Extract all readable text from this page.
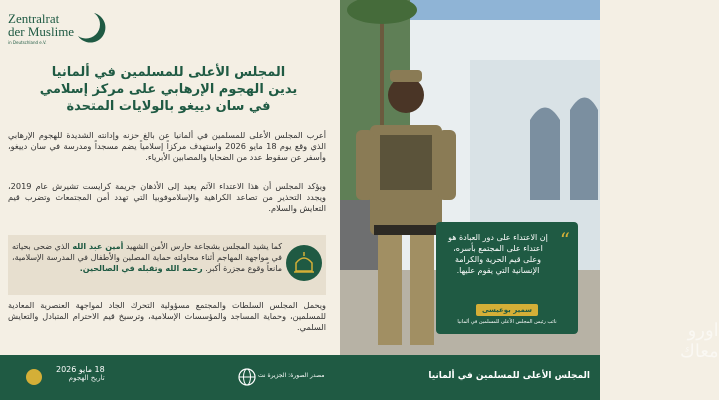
Zentralrat
der Muslime
in Deutschland e.V.
المجلس الأعلى للمسلمين في ألمانيا
يدين الهجوم الإرهابي على مركز إسلامي
في سان دييغو بالولايات المتحدة
أعرب المجلس الأعلى للمسلمين في ألمانيا عن بالغ حزنه وإدانته الشديدة للهجوم الإرهابي الذي وقع يوم 18 مايو 2026 واستهدف مركزاً إسلامياً يضم مسجداً ومدرسة في سان دييغو، وأسفر عن سقوط عدد من الضحايا والمصابين الأبرياء.
ويؤكد المجلس أن هذا الاعتداء الآثم يعيد إلى الأذهان جريمة كرايست تشيرش عام 2019، ويجدد التحذير من تصاعد الكراهية والإسلاموفوبيا التي تهدد أمن المجتمعات وتضرب قيم التعايش والسلام.
كما يشيد المجلس بشجاعة حارس الأمن الشهيد أمين عبد الله الذي ضحى بحياته في مواجهة المهاجم أثناء محاولته حماية المصلين والأطفال في المدرسة الإسلامية، مانعاً وقوع مجزرة أكبر. رحمه الله وتقبله في الصالحين.
ويحمل المجلس السلطات والمجتمع مسؤولية التحرك الجاد لمواجهة العنصرية المعادية للمسلمين، وحماية المساجد والمؤسسات الإسلامية، وترسيخ قيم الاحترام المتبادل والتعايش السلمي.	اورو معاك
“
إن الاعتداء على دور العبادة هو اعتداء على المجتمع بأسره، وعلى قيم الحرية والكرامة الإنسانية التي يقوم عليها.
سمير بوعيسى
نائب رئيس المجلس الأعلى للمسلمين في ألمانيا
18 مايو 2026
تاريخ الهجوم	مصدر الصورة: الجزيرة نت	المجلس الأعلى للمسلمين في ألمانيا
